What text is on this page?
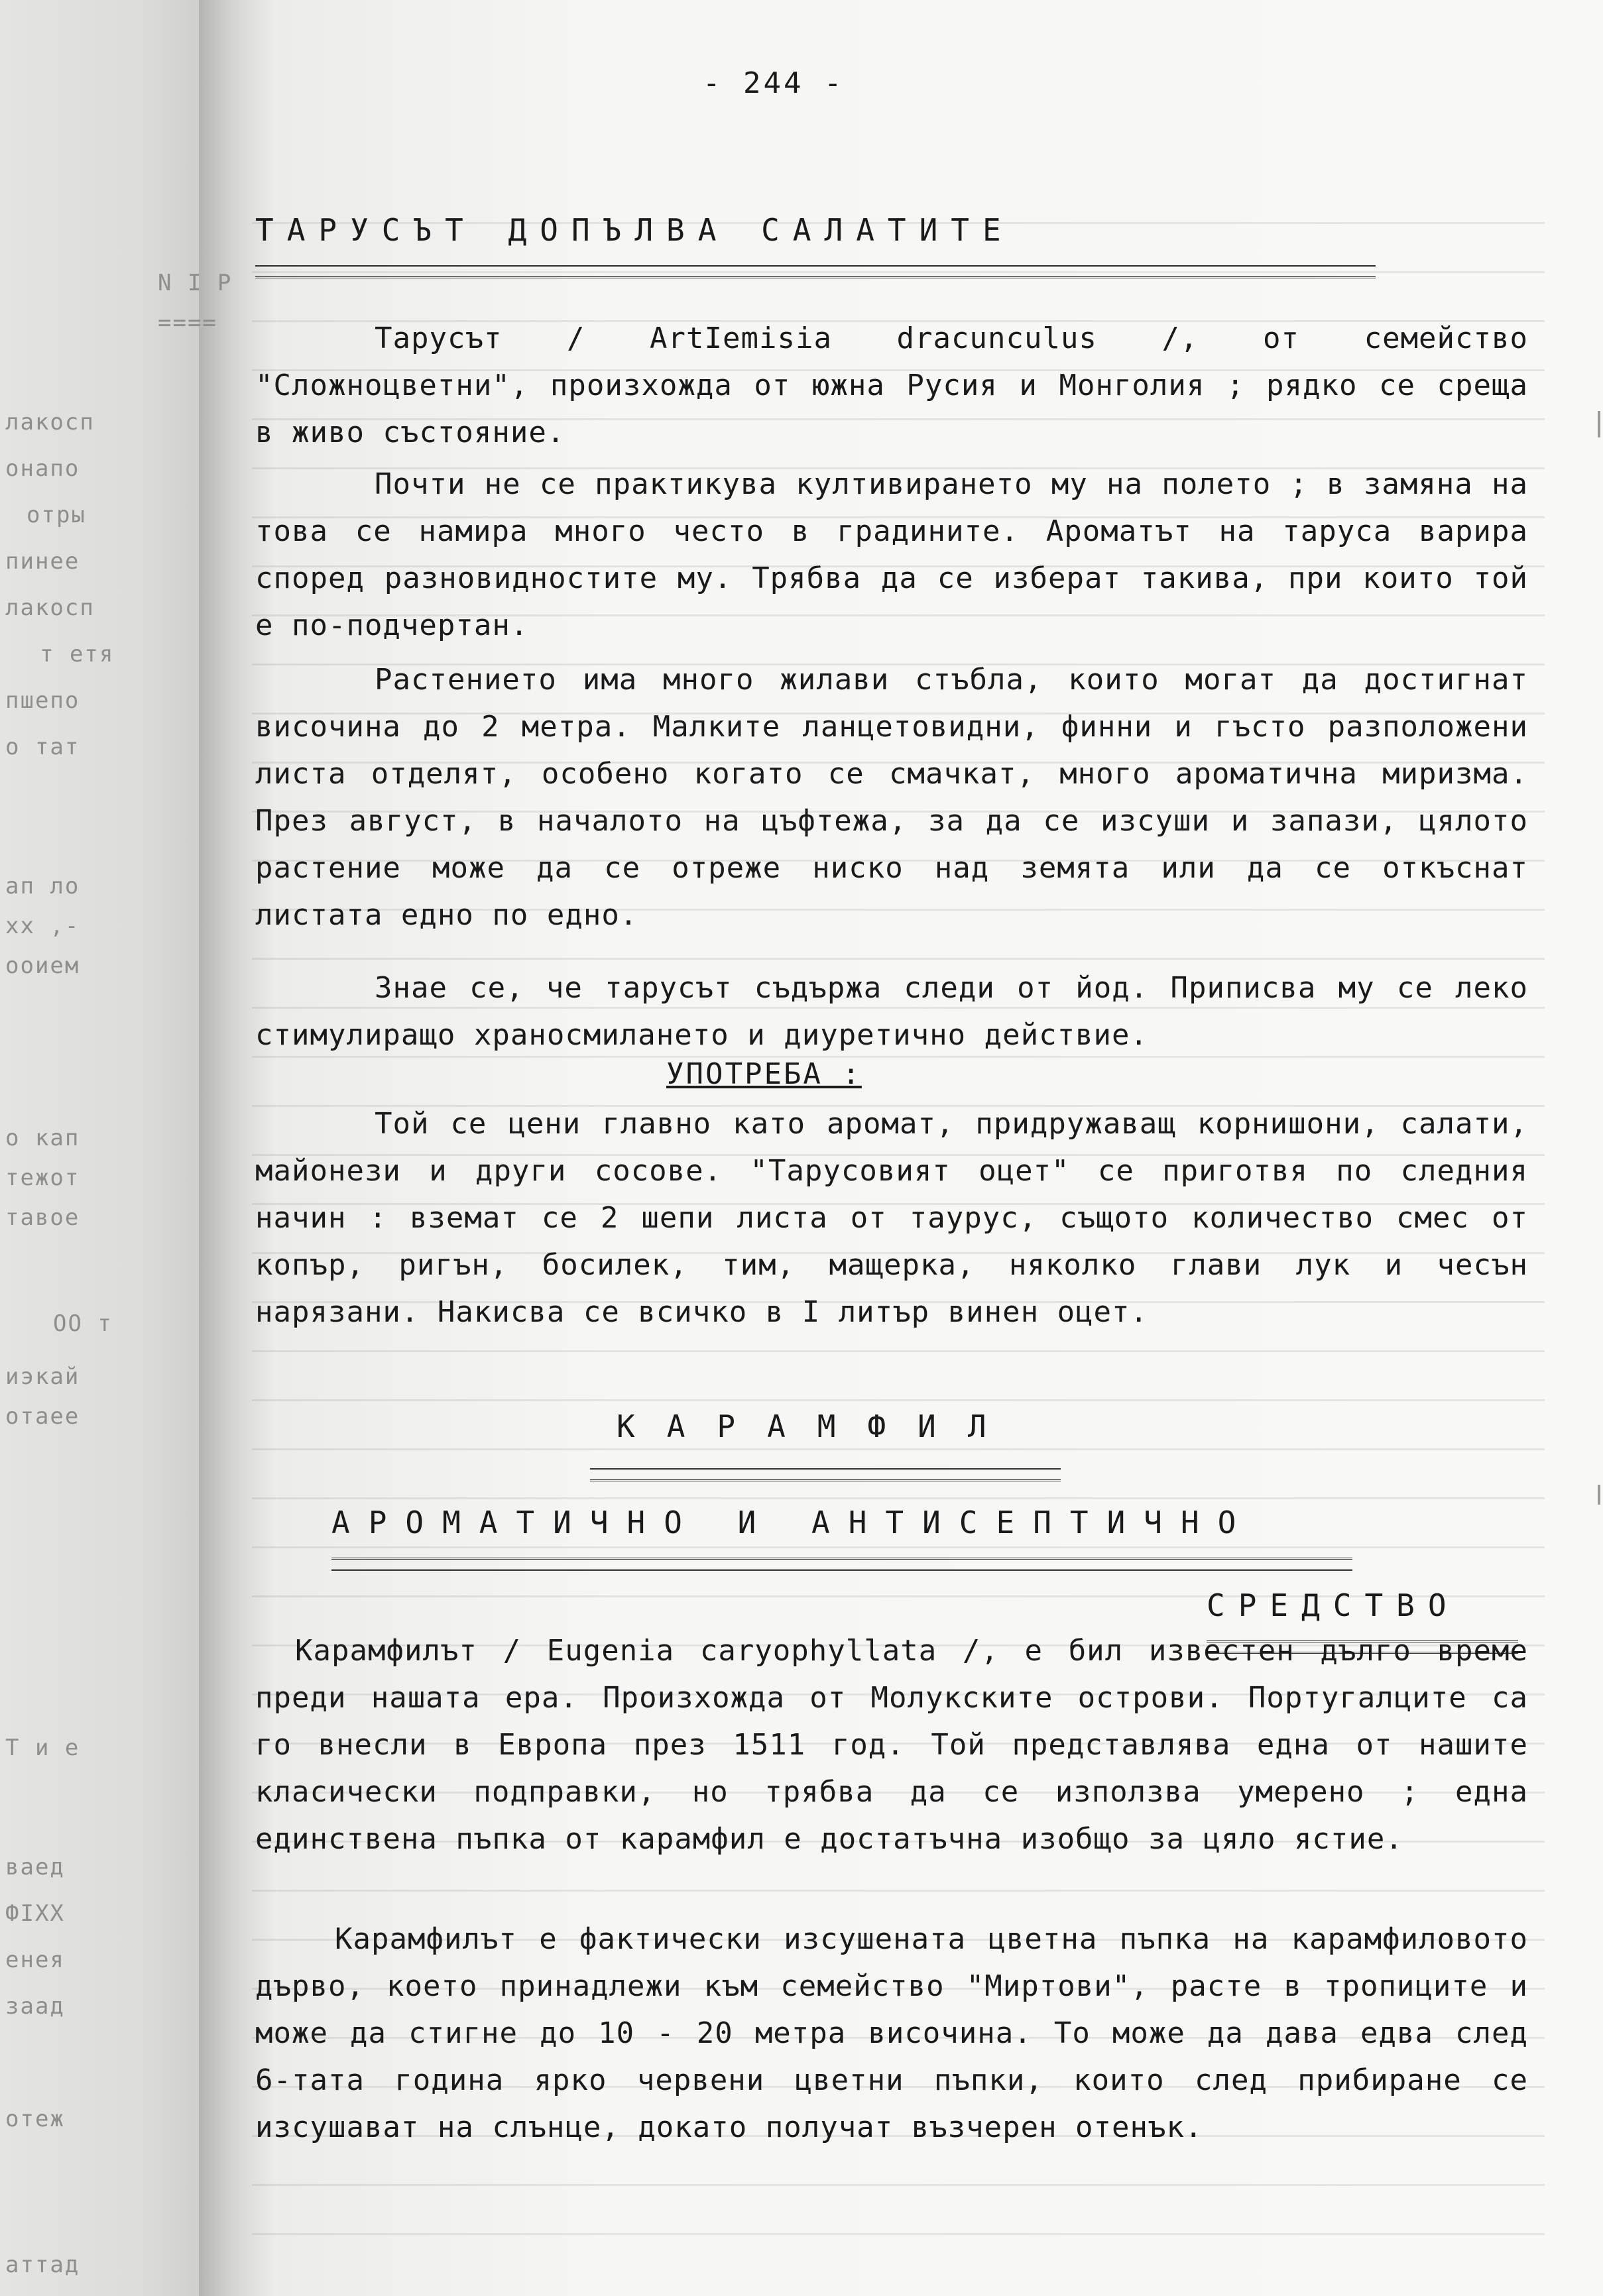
N I P
====
лакосп
онапо
отры
пинее
лакосп
т етя
пшепо
о тат
ап ло
хх ,-
ооием
о кап
тежот
тавое
ОО т
иэкай
отаее
Т и е
ваед
ФIXX
енея
заад
отеж
аттад
- 244 -
ТАРУСЪТ ДОПЪЛВА САЛАТИТЕ

Тарусът / ArtIemisia dracunculus /, от семейство "Сложноцветни", произхожда от южна Русия и Монголия ; рядко се среща в живо състояние.

Почти не се практикува култивирането му на полето ; в замяна на това се намира много често в градините. Ароматът на таруса варира според разновидностите му. Трябва да се изберат такива, при които той е по-подчертан.

Растението има много жилави стъбла, които могат да достигнат височина до 2 метра. Малките ланцетовидни, финни и гъсто разположени листа отделят, особено когато се смачкат, много ароматична миризма. През август, в началото на цъфтежа, за да се изсуши и запази, цялото растение може да се отреже ниско над земята или да се откъснат листата едно по едно.

Знае се, че тарусът съдържа следи от йод. Приписва му се леко стимулиращо храносмилането и диуретично действие.

УПОТРЕБА :

Той се цени главно като аромат, придружаващ корнишони, салати, майонези и други сосове. "Тарусовият оцет" се приготвя по следния начин : вземат се 2 шепи листа от таурус, същото количество смес от копър, ригън, босилек, тим, мащерка, няколко глави лук и чесън нарязани. Накисва се всичко в I литър винен оцет.

КАРАМФИЛ
АРОМАТИЧНО И АНТИСЕПТИЧНО
СРЕДСТВО

Карамфилът / Eugenia caryophyllata /, е бил известен дълго време преди нашата ера. Произхожда от Молукските острови. Португалците са го внесли в Европа през 1511 год. Той представлява една от нашите класически подправки, но трябва да се използва умерено ; една единствена пъпка от карамфил е достатъчна изобщо за цяло ястие.

Карамфилът е фактически изсушената цветна пъпка на карамфиловото дърво, което принадлежи към семейство "Миртови", расте в тропиците и може да стигне до 10 - 20 метра височина. То може да дава едва след 6-тата година ярко червени цветни пъпки, които след прибиране се изсушават на слънце, докато получат възчерен отенък.
